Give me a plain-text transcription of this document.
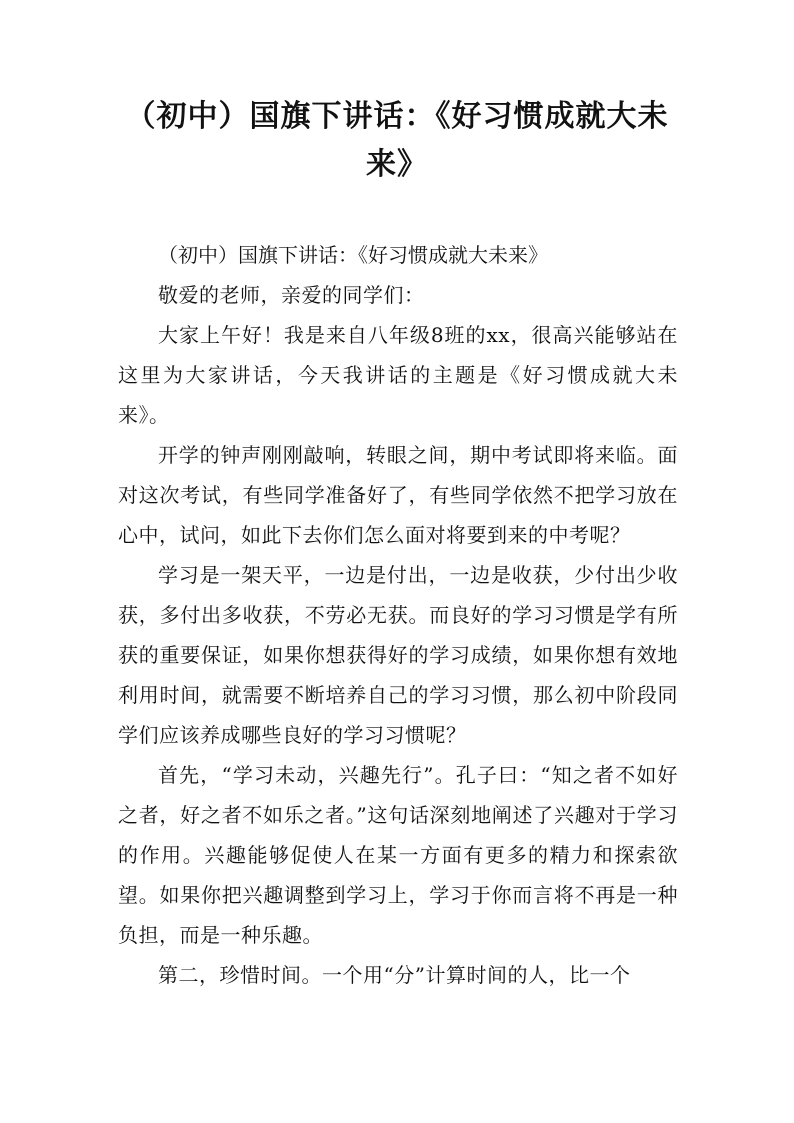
（初中）国旗下讲话：《好习惯成就大未来》

（初中）国旗下讲话：《好习惯成就大未来》

敬爱的老师，亲爱的同学们：

大家上午好！我是来自八年级8班的xx，很高兴能够站在这里为大家讲话，今天我讲话的主题是《好习惯成就大未来》。

开学的钟声刚刚敲响，转眼之间，期中考试即将来临。面对这次考试，有些同学准备好了，有些同学依然不把学习放在心中，试问，如此下去你们怎么面对将要到来的中考呢？

学习是一架天平，一边是付出，一边是收获，少付出少收获，多付出多收获，不劳必无获。而良好的学习习惯是学有所获的重要保证，如果你想获得好的学习成绩，如果你想有效地利用时间，就需要不断培养自己的学习习惯，那么初中阶段同学们应该养成哪些良好的学习习惯呢？

首先，“学习未动，兴趣先行”。孔子曰：“知之者不如好之者，好之者不如乐之者。”这句话深刻地阐述了兴趣对于学习的作用。兴趣能够促使人在某一方面有更多的精力和探索欲望。如果你把兴趣调整到学习上，学习于你而言将不再是一种负担，而是一种乐趣。

第二，珍惜时间。一个用“分”计算时间的人，比一个
